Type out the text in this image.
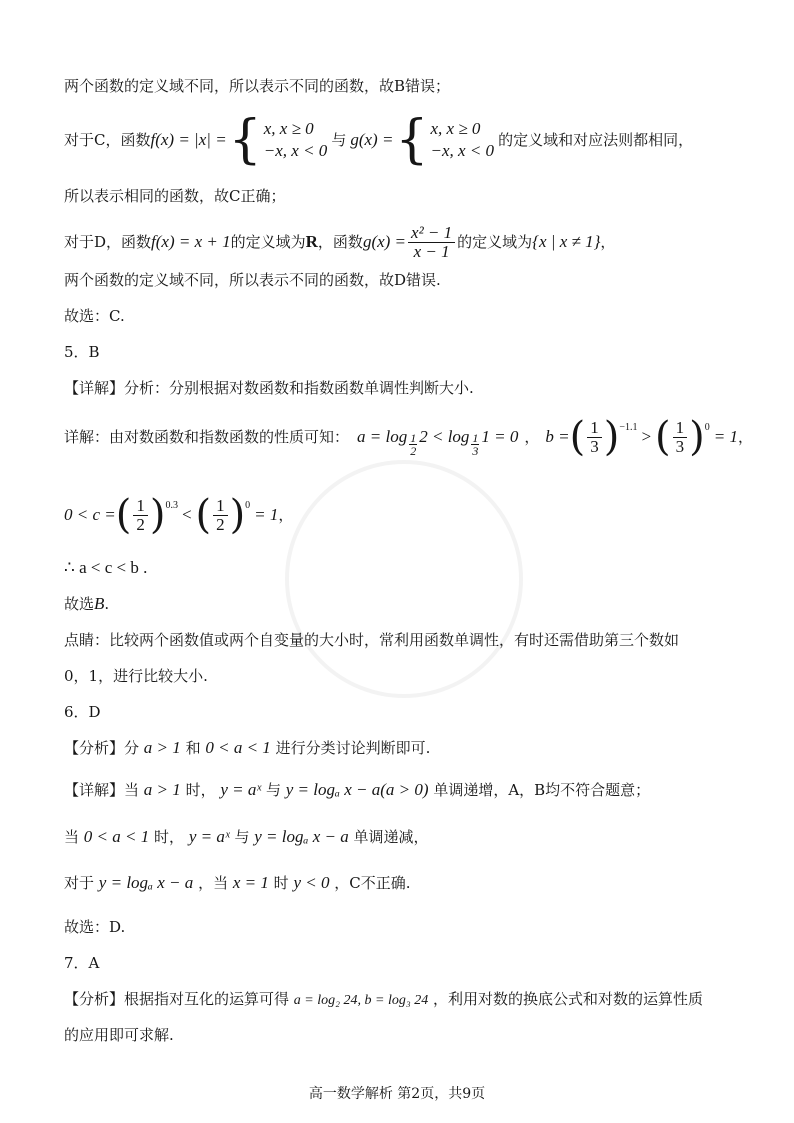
两个函数的定义域不同，所以表示不同的函数，故B错误；
对于C，函数 f(x) = |x| = { x, x ≥ 0
−x, x < 0
与 g(x) = { x, x ≥ 0
−x, x < 0
的定义域和对应法则都相同，
所以表示相同的函数，故C正确；
对于D，函数 f(x) = x + 1 的定义域为 R ，函数 $g(x) = \frac{\text{x² − 1}}{x - 1}$ 的定义域为 {x | x ≠ 1} ，
两个函数的定义域不同，所以表示不同的函数，故D错误.
故选：C.
5．B
【详解】分析：分别根据对数函数和指数函数单调性判断大小.
详解：由对数函数和指数函数的性质可知： $a = \log \frac{1}{2} 2 < \log \frac{1}{3} 1 = 0$ ， b = ( $\frac{1}{3}$ ) −1.1 > ( $\frac{1}{3}$ ) 0 = 1 ，
0 < c = ( $\frac{1}{2}$ ) 0.3 < ( $\frac{1}{2}$ ) 0 = 1 ，
∴ a < c < b .
故选B.
点睛：比较两个函数值或两个自变量的大小时，常利用函数单调性，有时还需借助第三个数如
0，1，进行比较大小.
6．D
【分析】分 a > 1 和 0 < a < 1 进行分类讨论判断即可.
【详解】当 a > 1 时， y = aˣ 与 y = logₐ x − a(a > 0) 单调递增，A，B均不符合题意；
当 0 < a < 1 时， y = aˣ 与 y = logₐ x − a 单调递减，
对于 y = logₐ x − a ，当 x = 1 时 y < 0 ，C不正确.
故选：D.
7．A
【分析】根据指对互化的运算可得 a = log₂ 24, b = log₃ 24 ，利用对数的换底公式和对数的运算性质
的应用即可求解.
高一数学解析 第2页，共9页
